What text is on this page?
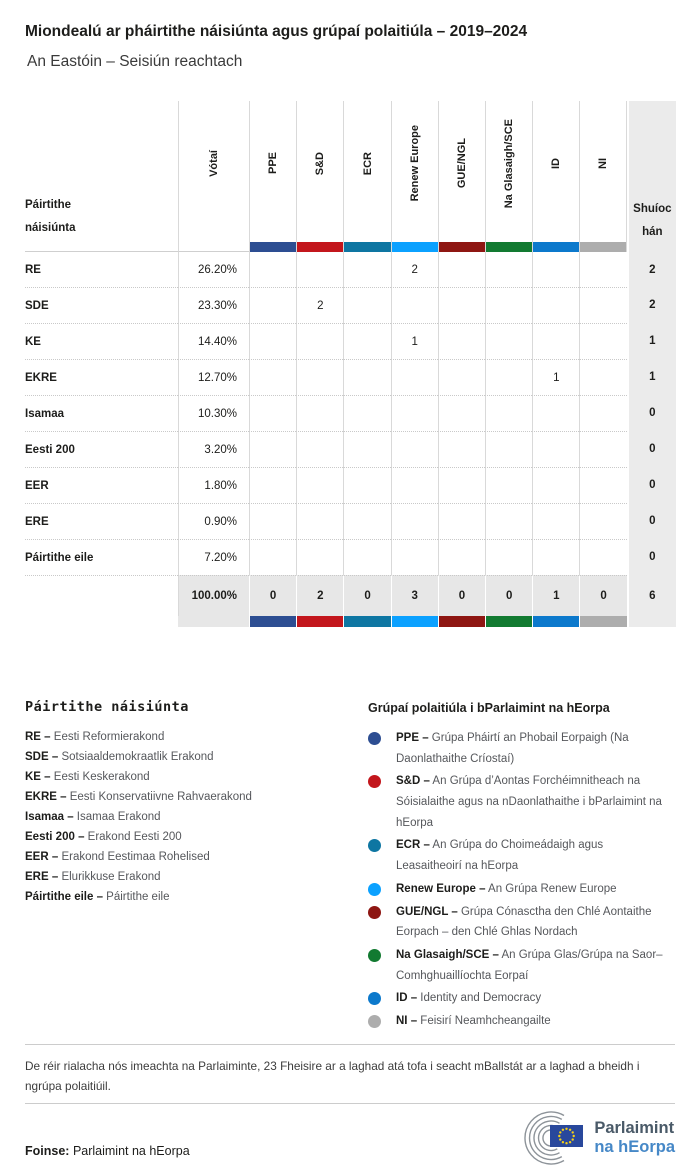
Miondealú ar pháirtithe náisiúnta agus grúpaí polaitiúla – 2019–2024
An Eastóin – Seisiún reachtach
Páirtithe náisiúnta	Vótaí	PPE	S&D	ECR	Renew Europe	GUE/NGL	Na Glasaigh/SCE	ID	NI	Shuíochán
RE	26.20%				2					2
SDE	23.30%		2							2
KE	14.40%				1					1
EKRE	12.70%							1		1
Isamaa	10.30%									0
Eesti 200	3.20%									0
EER	1.80%									0
ERE	0.90%									0
Páirtithe eile	7.20%									0
	100.00%	0	2	0	3	0	0	1	0	6

Páirtithe náisiúnta
RE – Eesti Reformierakond
SDE – Sotsiaaldemokraatlik Erakond
KE – Eesti Keskerakond
EKRE – Eesti Konservatiivne Rahvaerakond
Isamaa – Isamaa Erakond
Eesti 200 – Erakond Eesti 200
EER – Erakond Eestimaa Rohelised
ERE – Elurikkuse Erakond
Páirtithe eile – Páirtithe eile
Grúpaí polaitiúla i bParlaimint na hEorpa
PPE – Grúpa Pháirtí an Phobail Eorpaigh (Na Daonlathaithe Críostaí)
S&D – An Grúpa d’Aontas Forchéimnitheach na Sóisialaithe agus na nDaonlathaithe i bParlaimint na hEorpa
ECR – An Grúpa do Choimeádaigh agus Leasaitheoirí na hEorpa
Renew Europe – An Grúpa Renew Europe
GUE/NGL – Grúpa Cónasctha den Chlé Aontaithe Eorpach – den Chlé Ghlas Nordach
Na Glasaigh/SCE – An Grúpa Glas/Grúpa na Saor–Comhghuaillíochta Eorpaí
ID – Identity and Democracy
NI – Feisirí Neamhcheangailte
De réir rialacha nós imeachta na Parlaiminte, 23 Fheisire ar a laghad atá tofa i seacht mBallstát ar a laghad a bheidh i ngrúpa polaitiúil.
Foinse: Parlaimint na hEorpa
Parlaimint
na hEorpa
